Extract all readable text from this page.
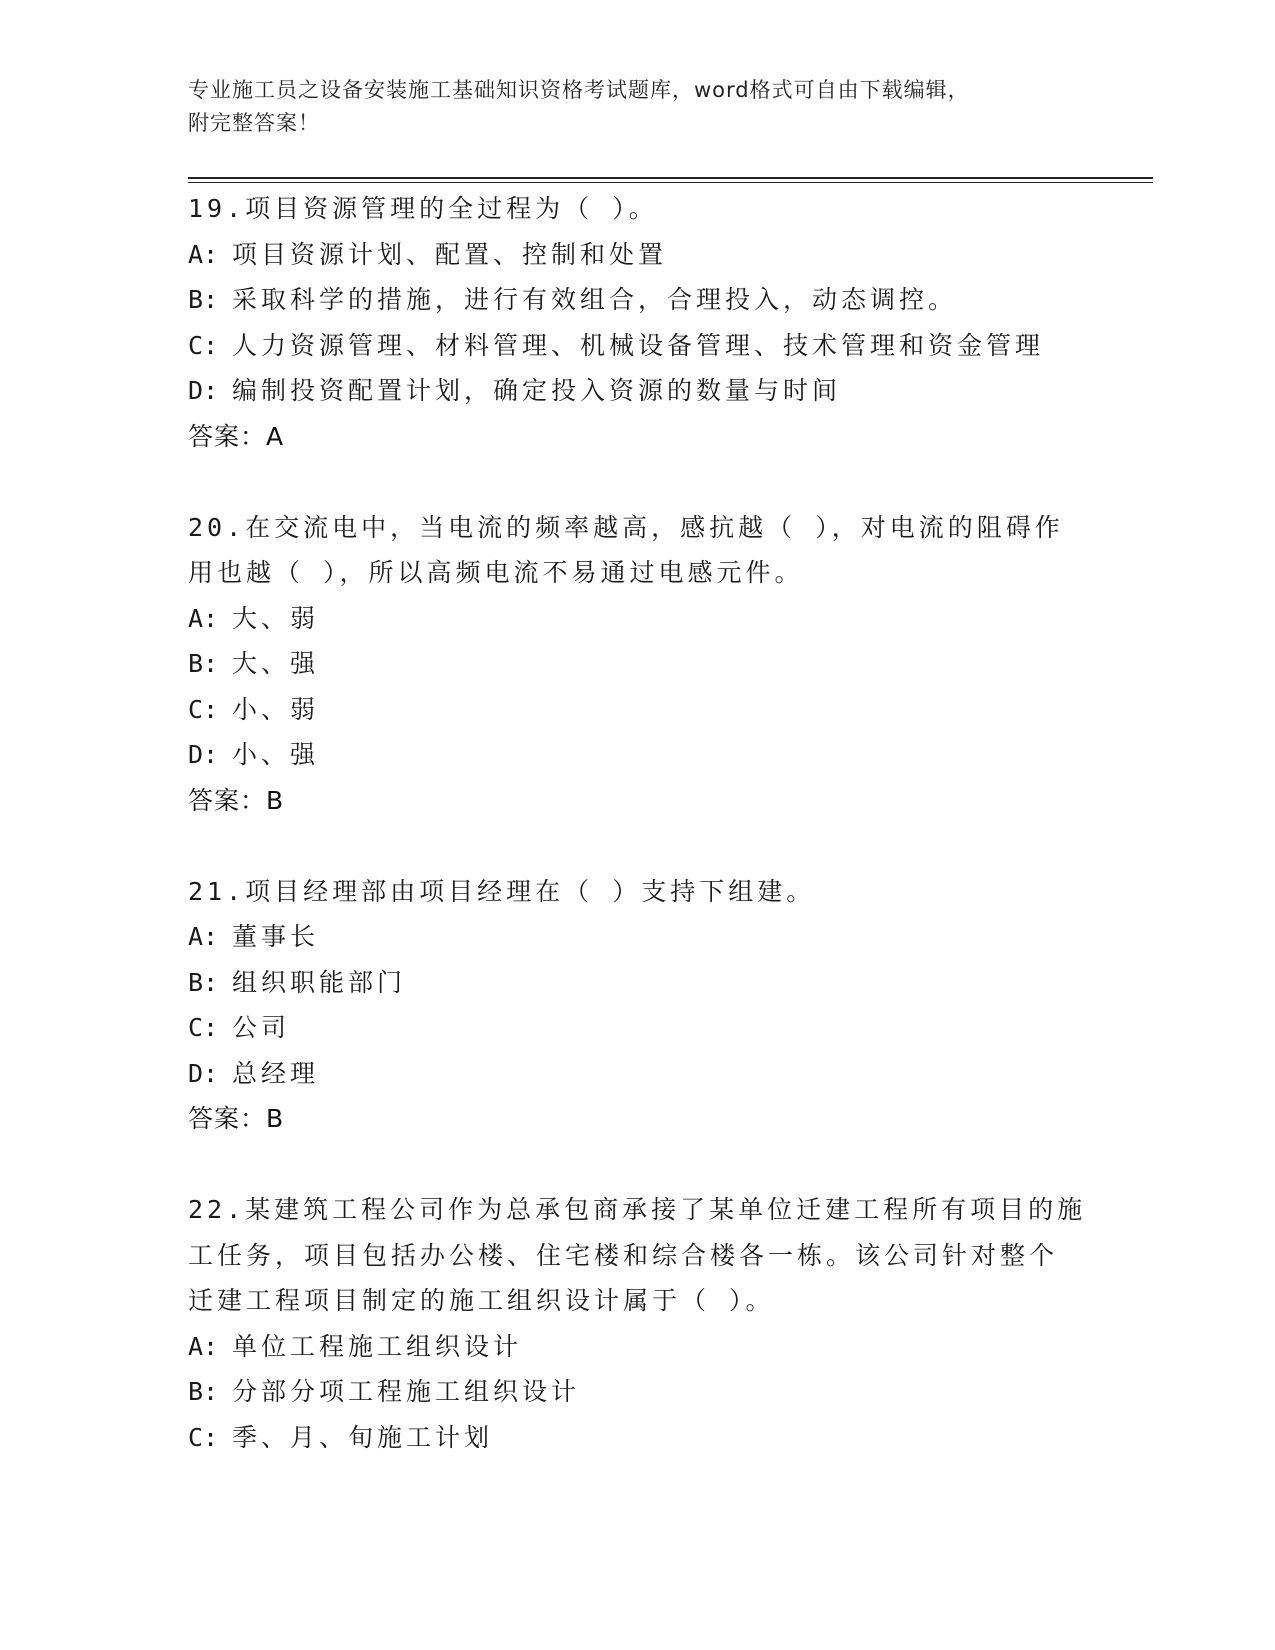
专业施工员之设备安装施工基础知识资格考试题库，word格式可自由下载编辑，
附完整答案！
19.项目资源管理的全过程为（ ）。
A: 项目资源计划、配置、控制和处置
B: 采取科学的措施，进行有效组合，合理投入，动态调控。
C: 人力资源管理、材料管理、机械设备管理、技术管理和资金管理
D: 编制投资配置计划，确定投入资源的数量与时间
答案：A
20.在交流电中，当电流的频率越高，感抗越（ ），对电流的阻碍作
用也越（ ），所以高频电流不易通过电感元件。
A: 大、弱
B: 大、强
C: 小、弱
D: 小、强
答案：B
21.项目经理部由项目经理在（ ）支持下组建。
A: 董事长
B: 组织职能部门
C: 公司
D: 总经理
答案：B
22.某建筑工程公司作为总承包商承接了某单位迁建工程所有项目的施
工任务，项目包括办公楼、住宅楼和综合楼各一栋。该公司针对整个
迁建工程项目制定的施工组织设计属于（ ）。
A: 单位工程施工组织设计
B: 分部分项工程施工组织设计
C: 季、月、旬施工计划
